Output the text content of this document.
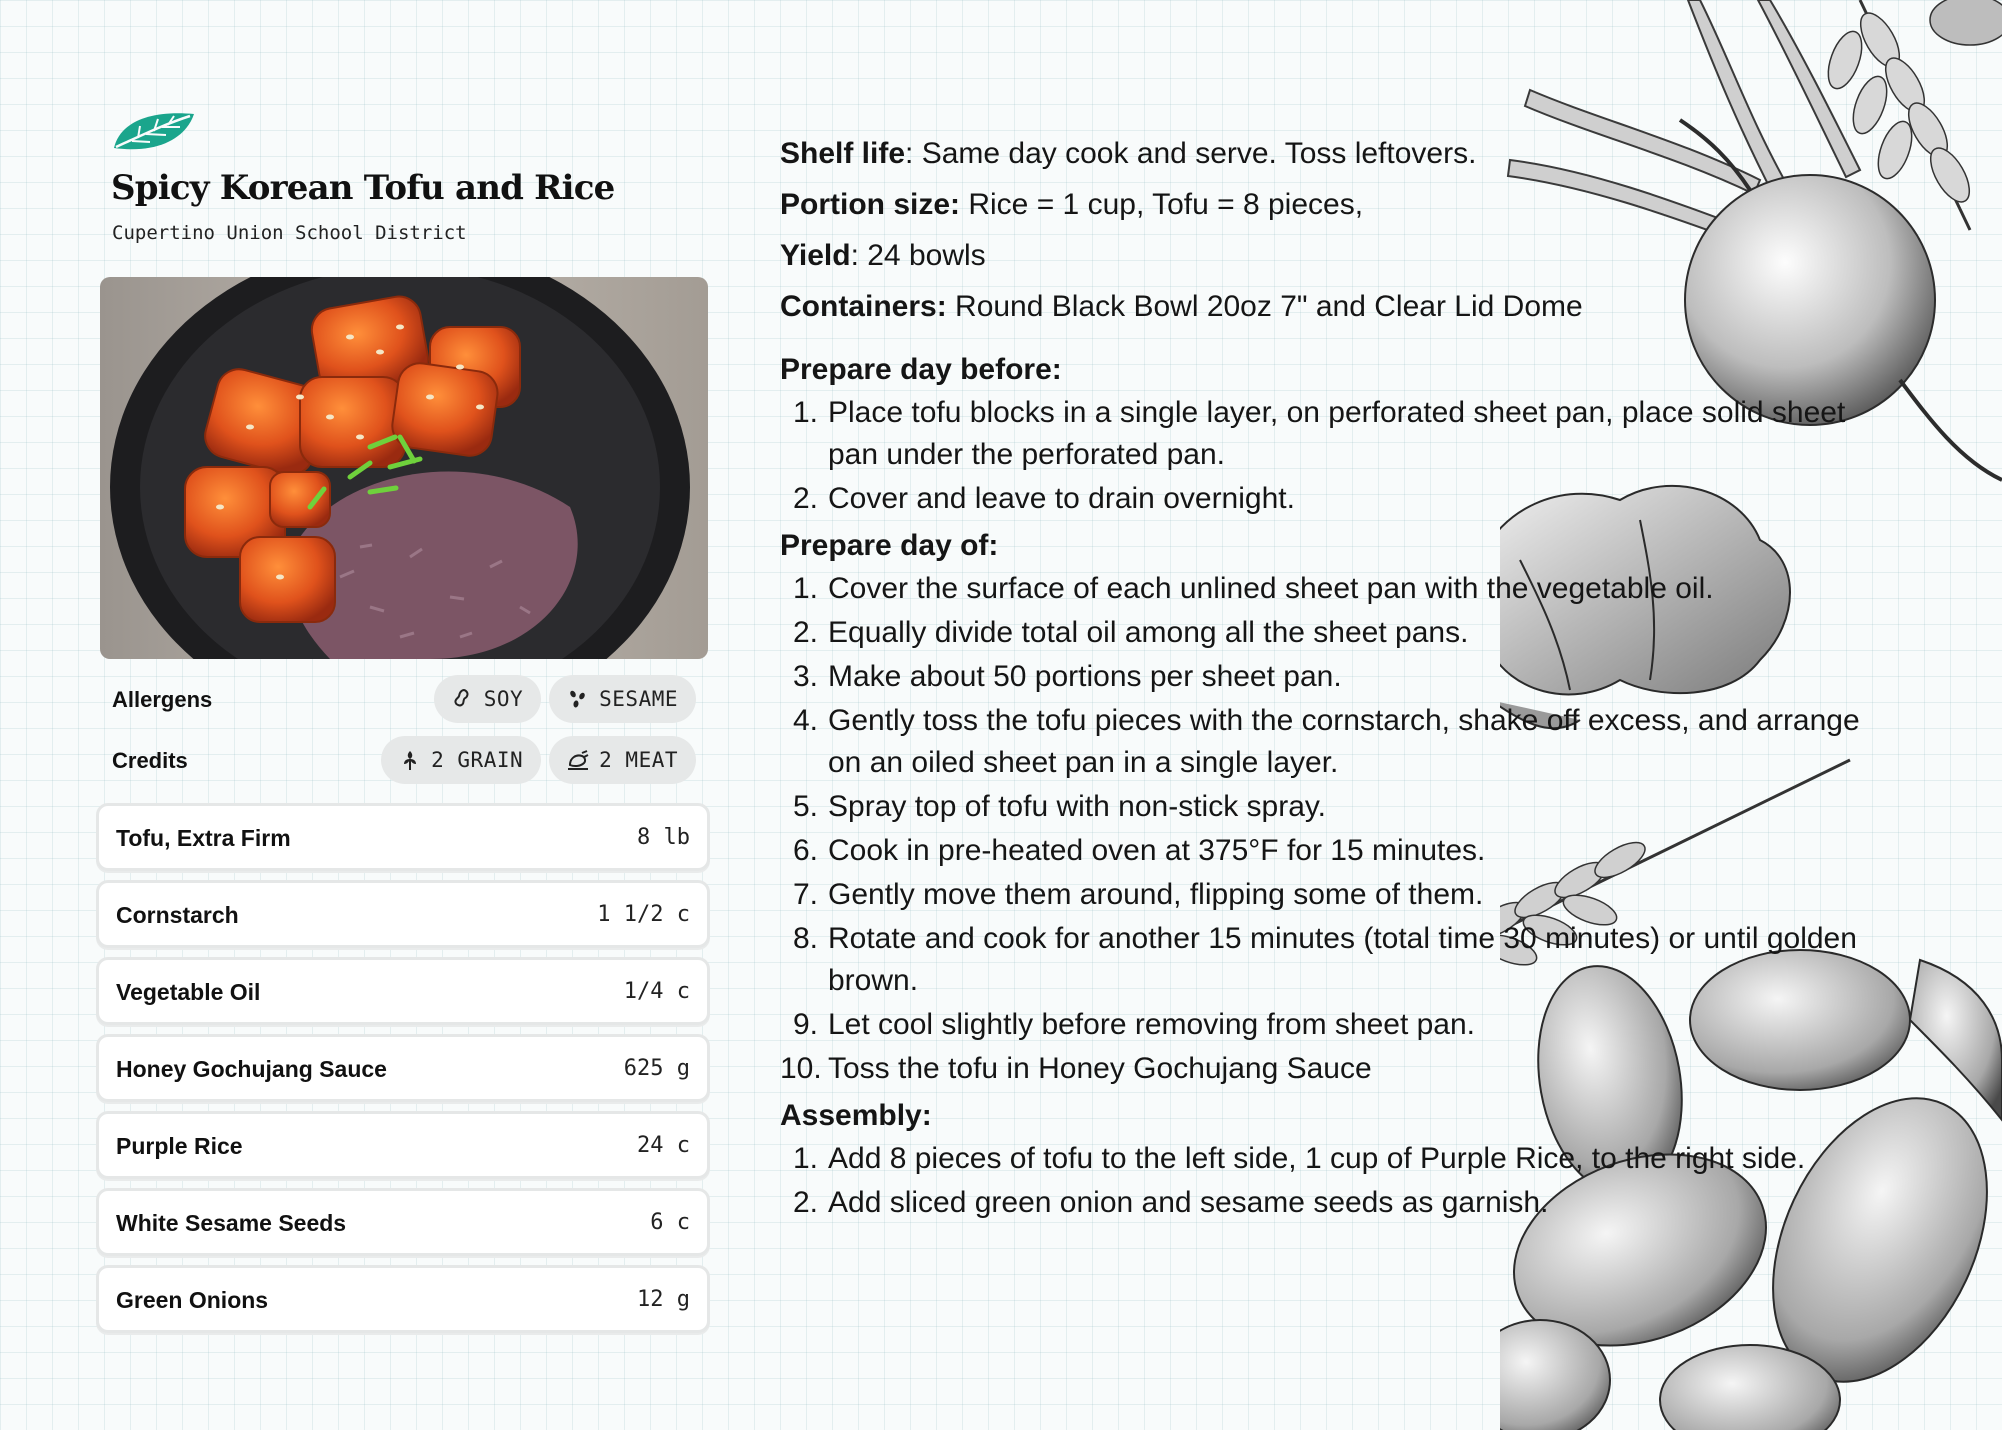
Spicy Korean Tofu and Rice
Cupertino Union School District
Allergens	SOY	SESAME
Credits	2 GRAIN	2 MEAT
Tofu, Extra Firm	8 lb
Cornstarch	1 1/2 c
Vegetable Oil	1/4 c
Honey Gochujang Sauce	625 g
Purple Rice	24 c
White Sesame Seeds	6 c
Green Onions	12 g
Shelf life: Same day cook and serve. Toss leftovers.
Portion size: Rice = 1 cup, Tofu = 8 pieces,
Yield: 24 bowls
Containers: Round Black Bowl 20oz 7" and Clear Lid Dome
Prepare day before:
1. Place tofu blocks in a single layer, on perforated sheet pan, place solid sheet pan under the perforated pan.
2. Cover and leave to drain overnight.
Prepare day of:
1. Cover the surface of each unlined sheet pan with the vegetable oil.
2. Equally divide total oil among all the sheet pans.
3. Make about 50 portions per sheet pan.
4. Gently toss the tofu pieces with the cornstarch, shake off excess, and arrange on an oiled sheet pan in a single layer.
5. Spray top of tofu with non-stick spray.
6. Cook in pre-heated oven at 375°F for 15 minutes.
7. Gently move them around, flipping some of them.
8. Rotate and cook for another 15 minutes (total time 30 minutes) or until golden brown.
9. Let cool slightly before removing from sheet pan.
10. Toss the tofu in Honey Gochujang Sauce
Assembly:
1. Add 8 pieces of tofu to the left side, 1 cup of Purple Rice, to the right side.
2. Add sliced green onion and sesame seeds as garnish.
